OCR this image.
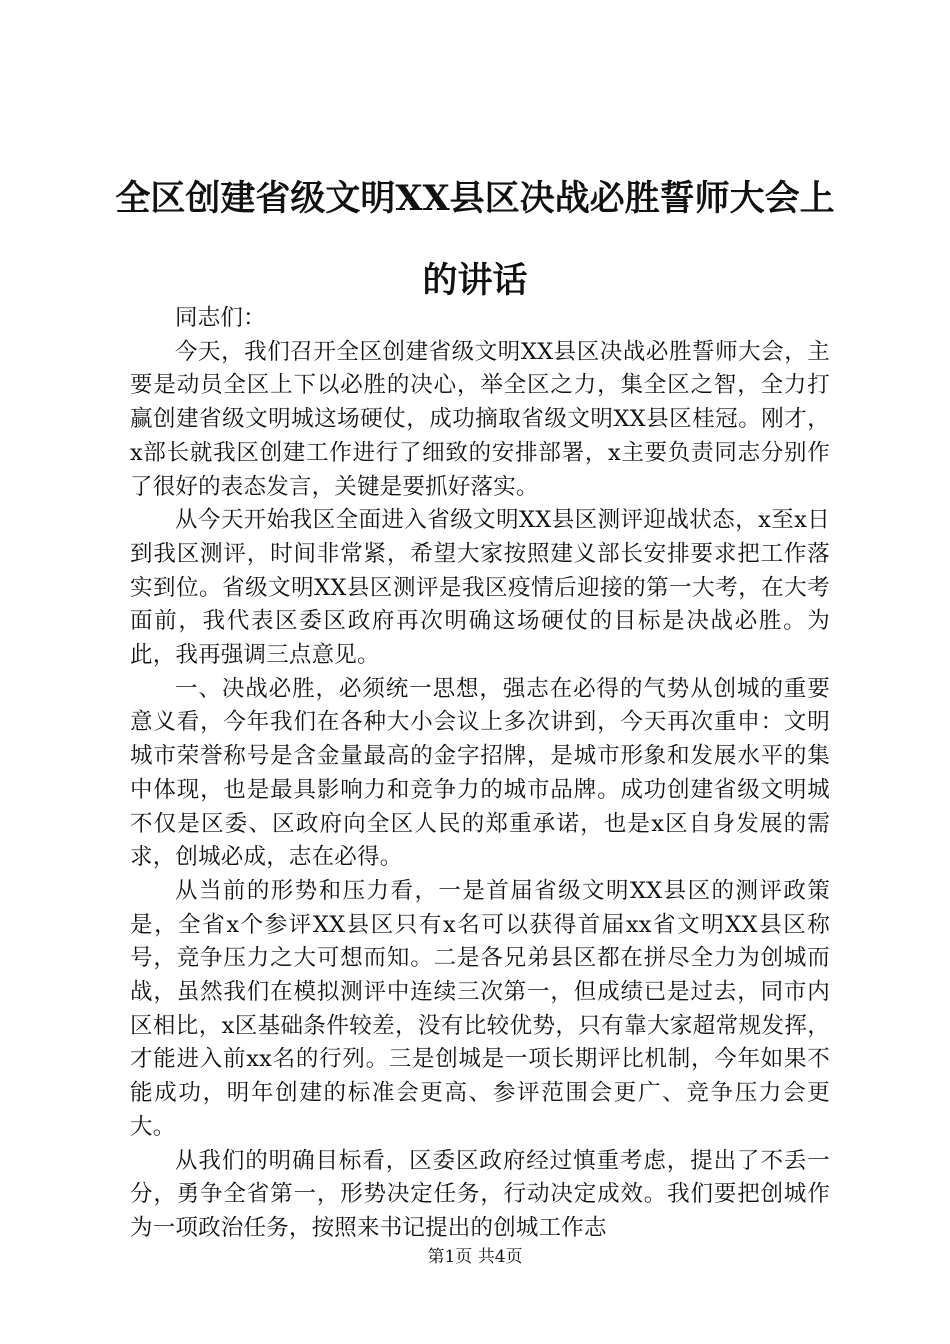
全区创建省级文明XX县区决战必胜誓师大会上的讲话

同志们：

今天，我们召开全区创建省级文明XX县区决战必胜誓师大会，主要是动员全区上下以必胜的决心，举全区之力，集全区之智，全力打赢创建省级文明城这场硬仗，成功摘取省级文明XX县区桂冠。刚才，x部长就我区创建工作进行了细致的安排部署，x主要负责同志分别作了很好的表态发言，关键是要抓好落实。

从今天开始我区全面进入省级文明XX县区测评迎战状态，x至x日到我区测评，时间非常紧，希望大家按照建义部长安排要求把工作落实到位。省级文明XX县区测评是我区疫情后迎接的第一大考，在大考面前，我代表区委区政府再次明确这场硬仗的目标是决战必胜。为此，我再强调三点意见。

一、决战必胜，必须统一思想，强志在必得的气势从创城的重要意义看，今年我们在各种大小会议上多次讲到，今天再次重申：文明城市荣誉称号是含金量最高的金字招牌，是城市形象和发展水平的集中体现，也是最具影响力和竞争力的城市品牌。成功创建省级文明城不仅是区委、区政府向全区人民的郑重承诺，也是x区自身发展的需求，创城必成，志在必得。

从当前的形势和压力看，一是首届省级文明XX县区的测评政策是，全省x个参评XX县区只有x名可以获得首届xx省文明XX县区称号，竞争压力之大可想而知。二是各兄弟县区都在拼尽全力为创城而战，虽然我们在模拟测评中连续三次第一，但成绩已是过去，同市内区相比，x区基础条件较差，没有比较优势，只有靠大家超常规发挥，才能进入前xx名的行列。三是创城是一项长期评比机制，今年如果不能成功，明年创建的标准会更高、参评范围会更广、竞争压力会更大。

从我们的明确目标看，区委区政府经过慎重考虑，提出了不丢一分，勇争全省第一，形势决定任务，行动决定成效。我们要把创城作为一项政治任务，按照来书记提出的创城工作志

第1页 共4页
